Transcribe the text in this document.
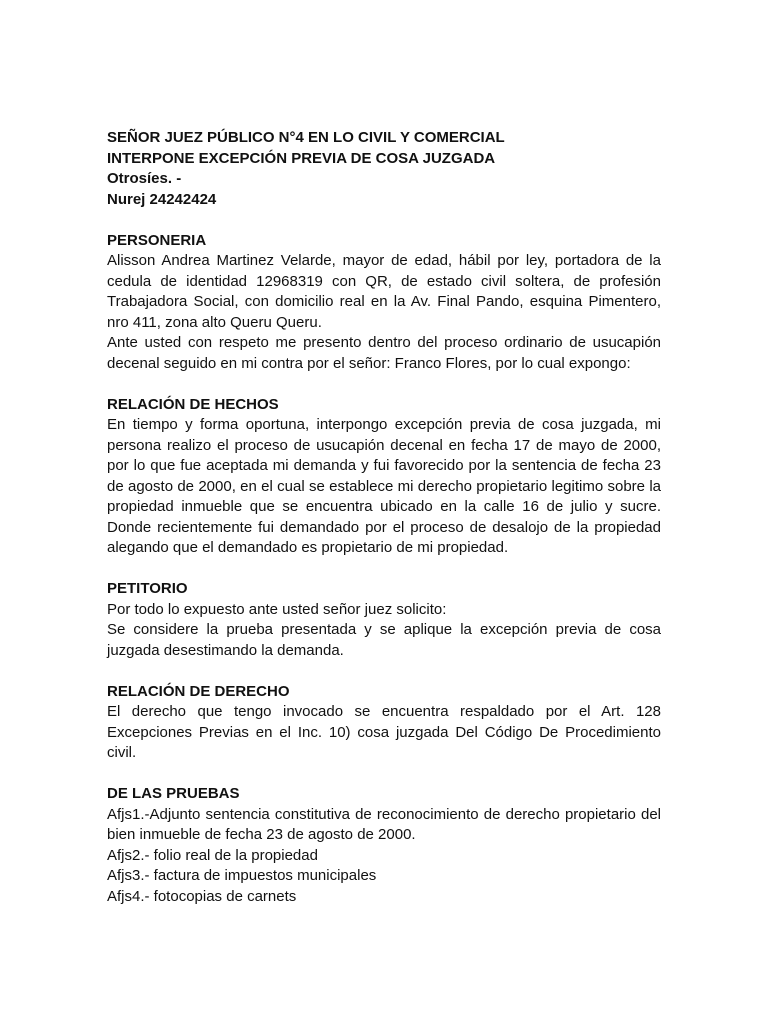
SEÑOR JUEZ PÚBLICO N°4 EN LO CIVIL Y COMERCIAL

INTERPONE EXCEPCIÓN PREVIA DE COSA JUZGADA

Otrosíes. -

Nurej 24242424

PERSONERIA

Alisson Andrea Martinez Velarde, mayor de edad, hábil por ley, portadora de la cedula de identidad 12968319 con QR, de estado civil soltera, de profesión Trabajadora Social, con domicilio real en la Av. Final Pando, esquina Pimentero, nro 411, zona alto Queru Queru.

Ante usted con respeto me presento dentro del proceso ordinario de usucapión decenal seguido en mi contra por el señor: Franco Flores, por lo cual expongo:

RELACIÓN DE HECHOS

En tiempo y forma oportuna, interpongo excepción previa de cosa juzgada, mi persona realizo el proceso de usucapión decenal en fecha 17 de mayo de 2000, por lo que fue aceptada mi demanda y fui favorecido por la sentencia de fecha 23 de agosto de 2000, en el cual se establece mi derecho propietario legitimo sobre la propiedad inmueble que se encuentra ubicado en la calle 16 de julio y sucre. Donde recientemente fui demandado por el proceso de desalojo de la propiedad alegando que el demandado es propietario de mi propiedad.

PETITORIO

Por todo lo expuesto ante usted señor juez solicito:

Se considere la prueba presentada y se aplique la excepción previa de cosa juzgada desestimando la demanda.

RELACIÓN DE DERECHO

El derecho que tengo invocado se encuentra respaldado por el Art. 128 Excepciones Previas en el Inc. 10) cosa juzgada Del Código De Procedimiento civil.

DE LAS PRUEBAS

Afjs1.-Adjunto sentencia constitutiva de reconocimiento de derecho propietario del bien inmueble de fecha 23 de agosto de 2000.

Afjs2.- folio real de la propiedad

Afjs3.- factura de impuestos municipales

Afjs4.- fotocopias de carnets
